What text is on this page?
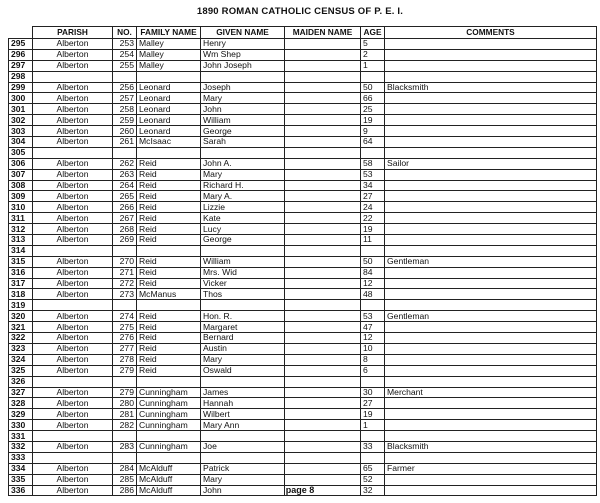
1890 ROMAN CATHOLIC CENSUS OF P. E. I.
	PARISH	NO.	FAMILY NAME	GIVEN NAME	MAIDEN NAME	AGE	COMMENTS
295	Alberton	253	Malley	Henry		5	
296	Alberton	254	Malley	Wm Shep		2	
297	Alberton	255	Malley	John Joseph		1	
298							
299	Alberton	256	Leonard	Joseph		50	Blacksmith
300	Alberton	257	Leonard	Mary		66	
301	Alberton	258	Leonard	John		25	
302	Alberton	259	Leonard	William		19	
303	Alberton	260	Leonard	George		9	
304	Alberton	261	McIsaac	Sarah		64	
305							
306	Alberton	262	Reid	John A.		58	Sailor
307	Alberton	263	Reid	Mary		53	
308	Alberton	264	Reid	Richard H.		34	
309	Alberton	265	Reid	Mary A.		27	
310	Alberton	266	Reid	Lizzie		24	
311	Alberton	267	Reid	Kate		22	
312	Alberton	268	Reid	Lucy		19	
313	Alberton	269	Reid	George		11	
314							
315	Alberton	270	Reid	William		50	Gentleman
316	Alberton	271	Reid	Mrs. Wid		84	
317	Alberton	272	Reid	Vicker		12	
318	Alberton	273	McManus	Thos		48	
319							
320	Alberton	274	Reid	Hon. R.		53	Gentleman
321	Alberton	275	Reid	Margaret		47	
322	Alberton	276	Reid	Bernard		12	
323	Alberton	277	Reid	Austin		10	
324	Alberton	278	Reid	Mary		8	
325	Alberton	279	Reid	Oswald		6	
326							
327	Alberton	279	Cunningham	James		30	Merchant
328	Alberton	280	Cunningham	Hannah		27	
329	Alberton	281	Cunningham	Wilbert		19	
330	Alberton	282	Cunningham	Mary Ann		1	
331							
332	Alberton	283	Cunningham	Joe		33	Blacksmith
333							
334	Alberton	284	McAlduff	Patrick		65	Farmer
335	Alberton	285	McAlduff	Mary		52	
336	Alberton	286	McAlduff	John		32	
page 8
